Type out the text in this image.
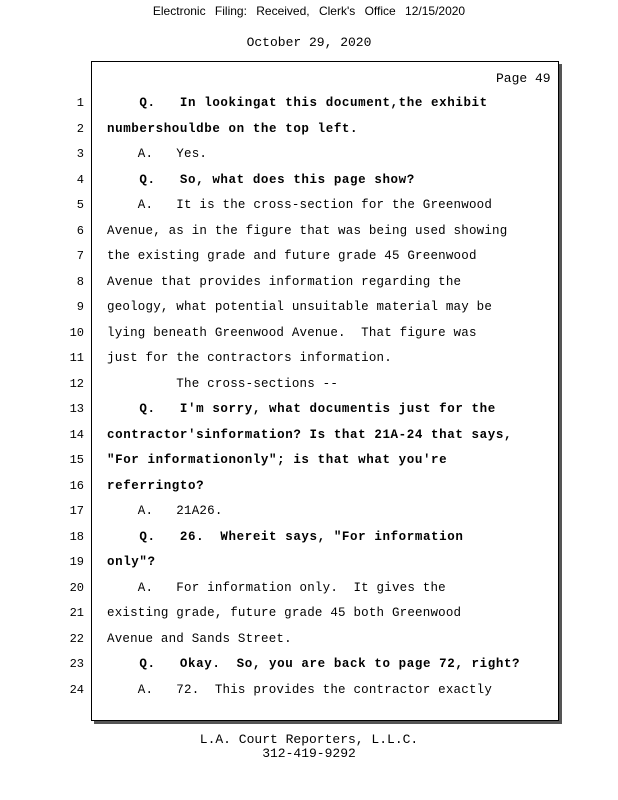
Electronic Filing: Received, Clerk's Office 12/15/2020
October 29, 2020
Page 49
1 Q.   In lookingat this document,the exhibit
2 numbershouldbe on the top left.
3 A.   Yes.
4 Q.   So, what does this page show?
5 A.   It is the cross-section for the Greenwood
6 Avenue, as in the figure that was being used showing
7 the existing grade and future grade 45 Greenwood
8 Avenue that provides information regarding the
9 geology, what potential unsuitable material may be
10 lying beneath Greenwood Avenue.  That figure was
11 just for the contractors information.
12 The cross-sections --
13 Q.   I'm sorry, what documentis just for the
14 contractor'sinformation? Is that 21A-24 that says,
15 "For informationonly"; is that what you're
16 referringto?
17 A.   21A26.
18 Q.   26.  Whereit says, "For information
19 only"?
20 A.   For information only.  It gives the
21 existing grade, future grade 45 both Greenwood
22 Avenue and Sands Street.
23 Q.   Okay.  So, you are back to page 72, right?
24 A.   72.  This provides the contractor exactly
L.A. Court Reporters, L.L.C.
312-419-9292
